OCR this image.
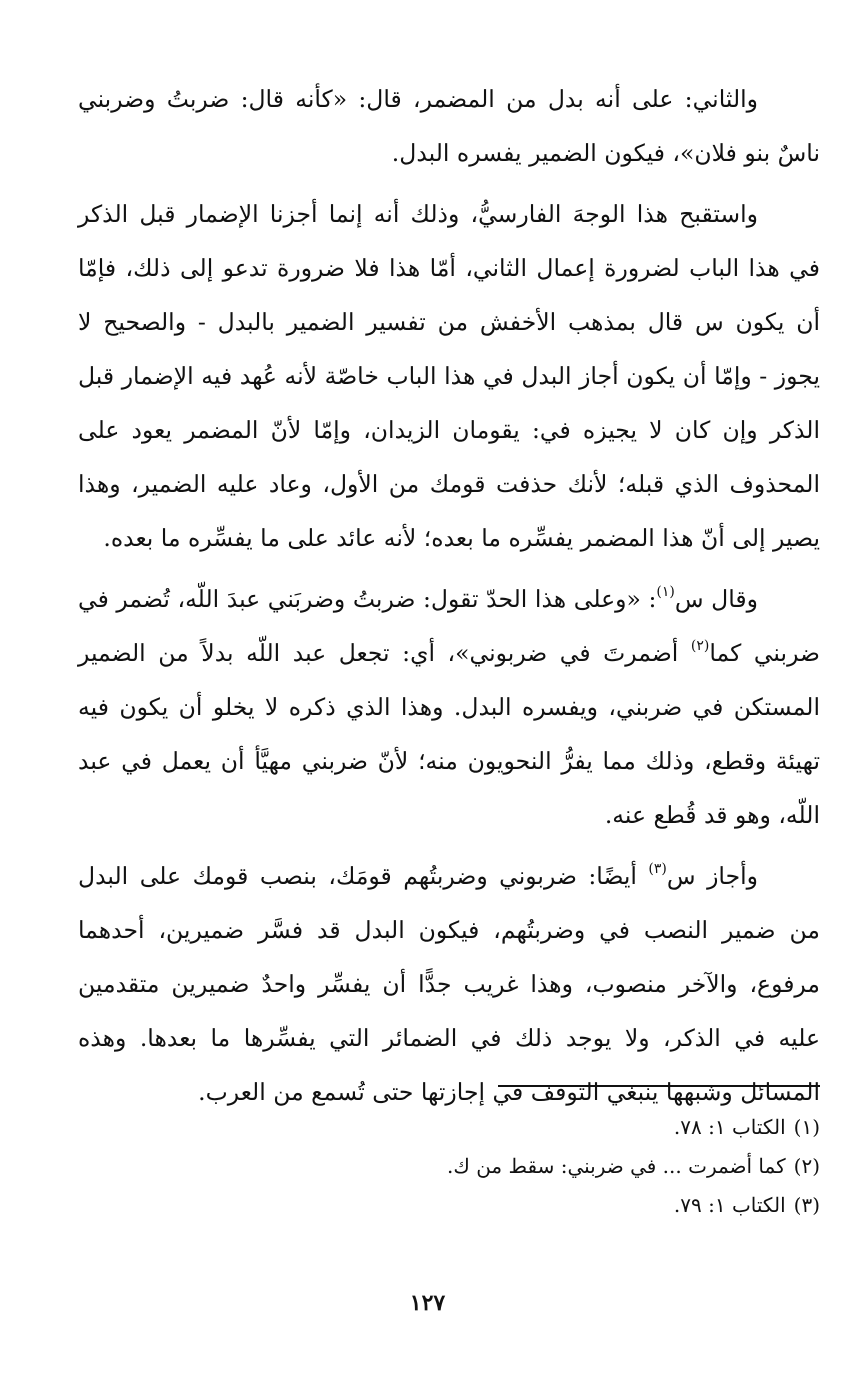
والثاني: على أنه بدل من المضمر، قال: «كأنه قال: ضربتُ وضربني ناسٌ بنو فلان»، فيكون الضمير يفسره البدل.

واستقبح هذا الوجهَ الفارسيُّ، وذلك أنه إنما أجزنا الإضمار قبل الذكر في هذا الباب لضرورة إعمال الثاني، أمّا هذا فلا ضرورة تدعو إلى ذلك، فإمّا أن يكون س قال بمذهب الأخفش من تفسير الضمير بالبدل - والصحيح لا يجوز - وإمّا أن يكون أجاز البدل في هذا الباب خاصّة لأنه عُهد فيه الإضمار قبل الذكر وإن كان لا يجيزه في: يقومان الزيدان، وإمّا لأنّ المضمر يعود على المحذوف الذي قبله؛ لأنك حذفت قومك من الأول، وعاد عليه الضمير، وهذا يصير إلى أنّ هذا المضمر يفسِّره ما بعده؛ لأنه عائد على ما يفسِّره ما بعده.

وقال س$^{(١)}$: «وعلى هذا الحدّ تقول: ضربتُ وضربَني عبدَ اللّه، تُضمر في ضربني كما$^{(٢)}$ أضمرتَ في ضربوني»، أي: تجعل عبد اللّه بدلاً من الضمير المستكن في ضربني، ويفسره البدل. وهذا الذي ذكره لا يخلو أن يكون فيه تهيئة وقطع، وذلك مما يفرُّ النحويون منه؛ لأنّ ضربني مهيَّأ أن يعمل في عبد اللّه، وهو قد قُطع عنه.

وأجاز س$^{(٣)}$ أيضًا: ضربوني وضربتُهم قومَك، بنصب قومك على البدل من ضمير النصب في وضربتُهم، فيكون البدل قد فسَّر ضميرين، أحدهما مرفوع، والآخر منصوب، وهذا غريب جدًّا أن يفسِّر واحدٌ ضميرين متقدمين عليه في الذكر، ولا يوجد ذلك في الضمائر التي يفسِّرها ما بعدها. وهذه المسائل وشبهها ينبغي التوقف في إجازتها حتى تُسمع من العرب.

(١)
الكتاب ١: ٧٨.
(٢)
كما أضمرت ... في ضربني: سقط من ك.
(٣)
الكتاب ١: ٧٩.
١٢٧
